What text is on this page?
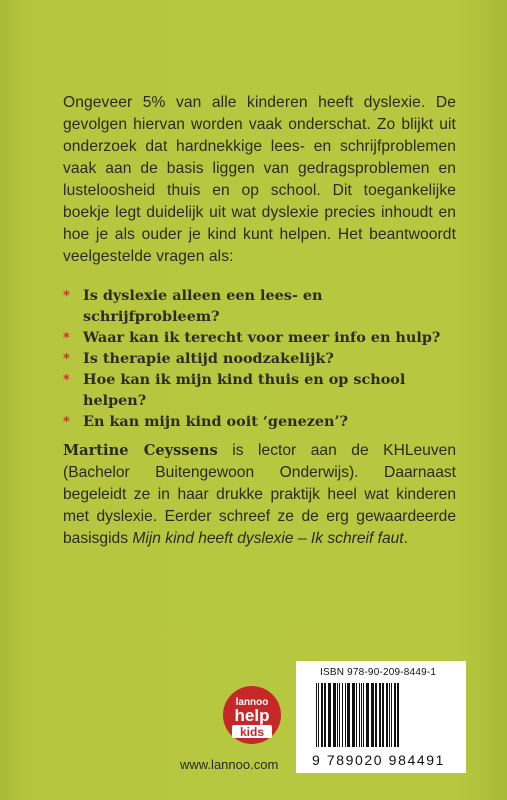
Ongeveer 5% van alle kinderen heeft dyslexie. De gevolgen hiervan worden vaak onderschat. Zo blijkt uit onderzoek dat hardnekkige lees- en schrijfproblemen vaak aan de basis liggen van gedragsproblemen en lusteloosheid thuis en op school. Dit toegankelijke boekje legt duidelijk uit wat dyslexie precies inhoudt en hoe je als ouder je kind kunt helpen. Het beantwoordt veelgestelde vragen als:

* Is dyslexie alleen een lees- en schrijfprobleem?
* Waar kan ik terecht voor meer info en hulp?
* Is therapie altijd noodzakelijk?
* Hoe kan ik mijn kind thuis en op school helpen?
* En kan mijn kind ooit ‘genezen’?

Martine Ceyssens is lector aan de KHLeuven (Bachelor Buitengewoon Onderwijs). Daarnaast begeleidt ze in haar drukke praktijk heel wat kinderen met dyslexie. Eerder schreef ze de erg gewaardeerde basisgids Mijn kind heeft dyslexie – Ik schreif faut.

lannoo
help
kids
www.lannoo.com
ISBN 978-90-209-8449-1
9 789020 984491
